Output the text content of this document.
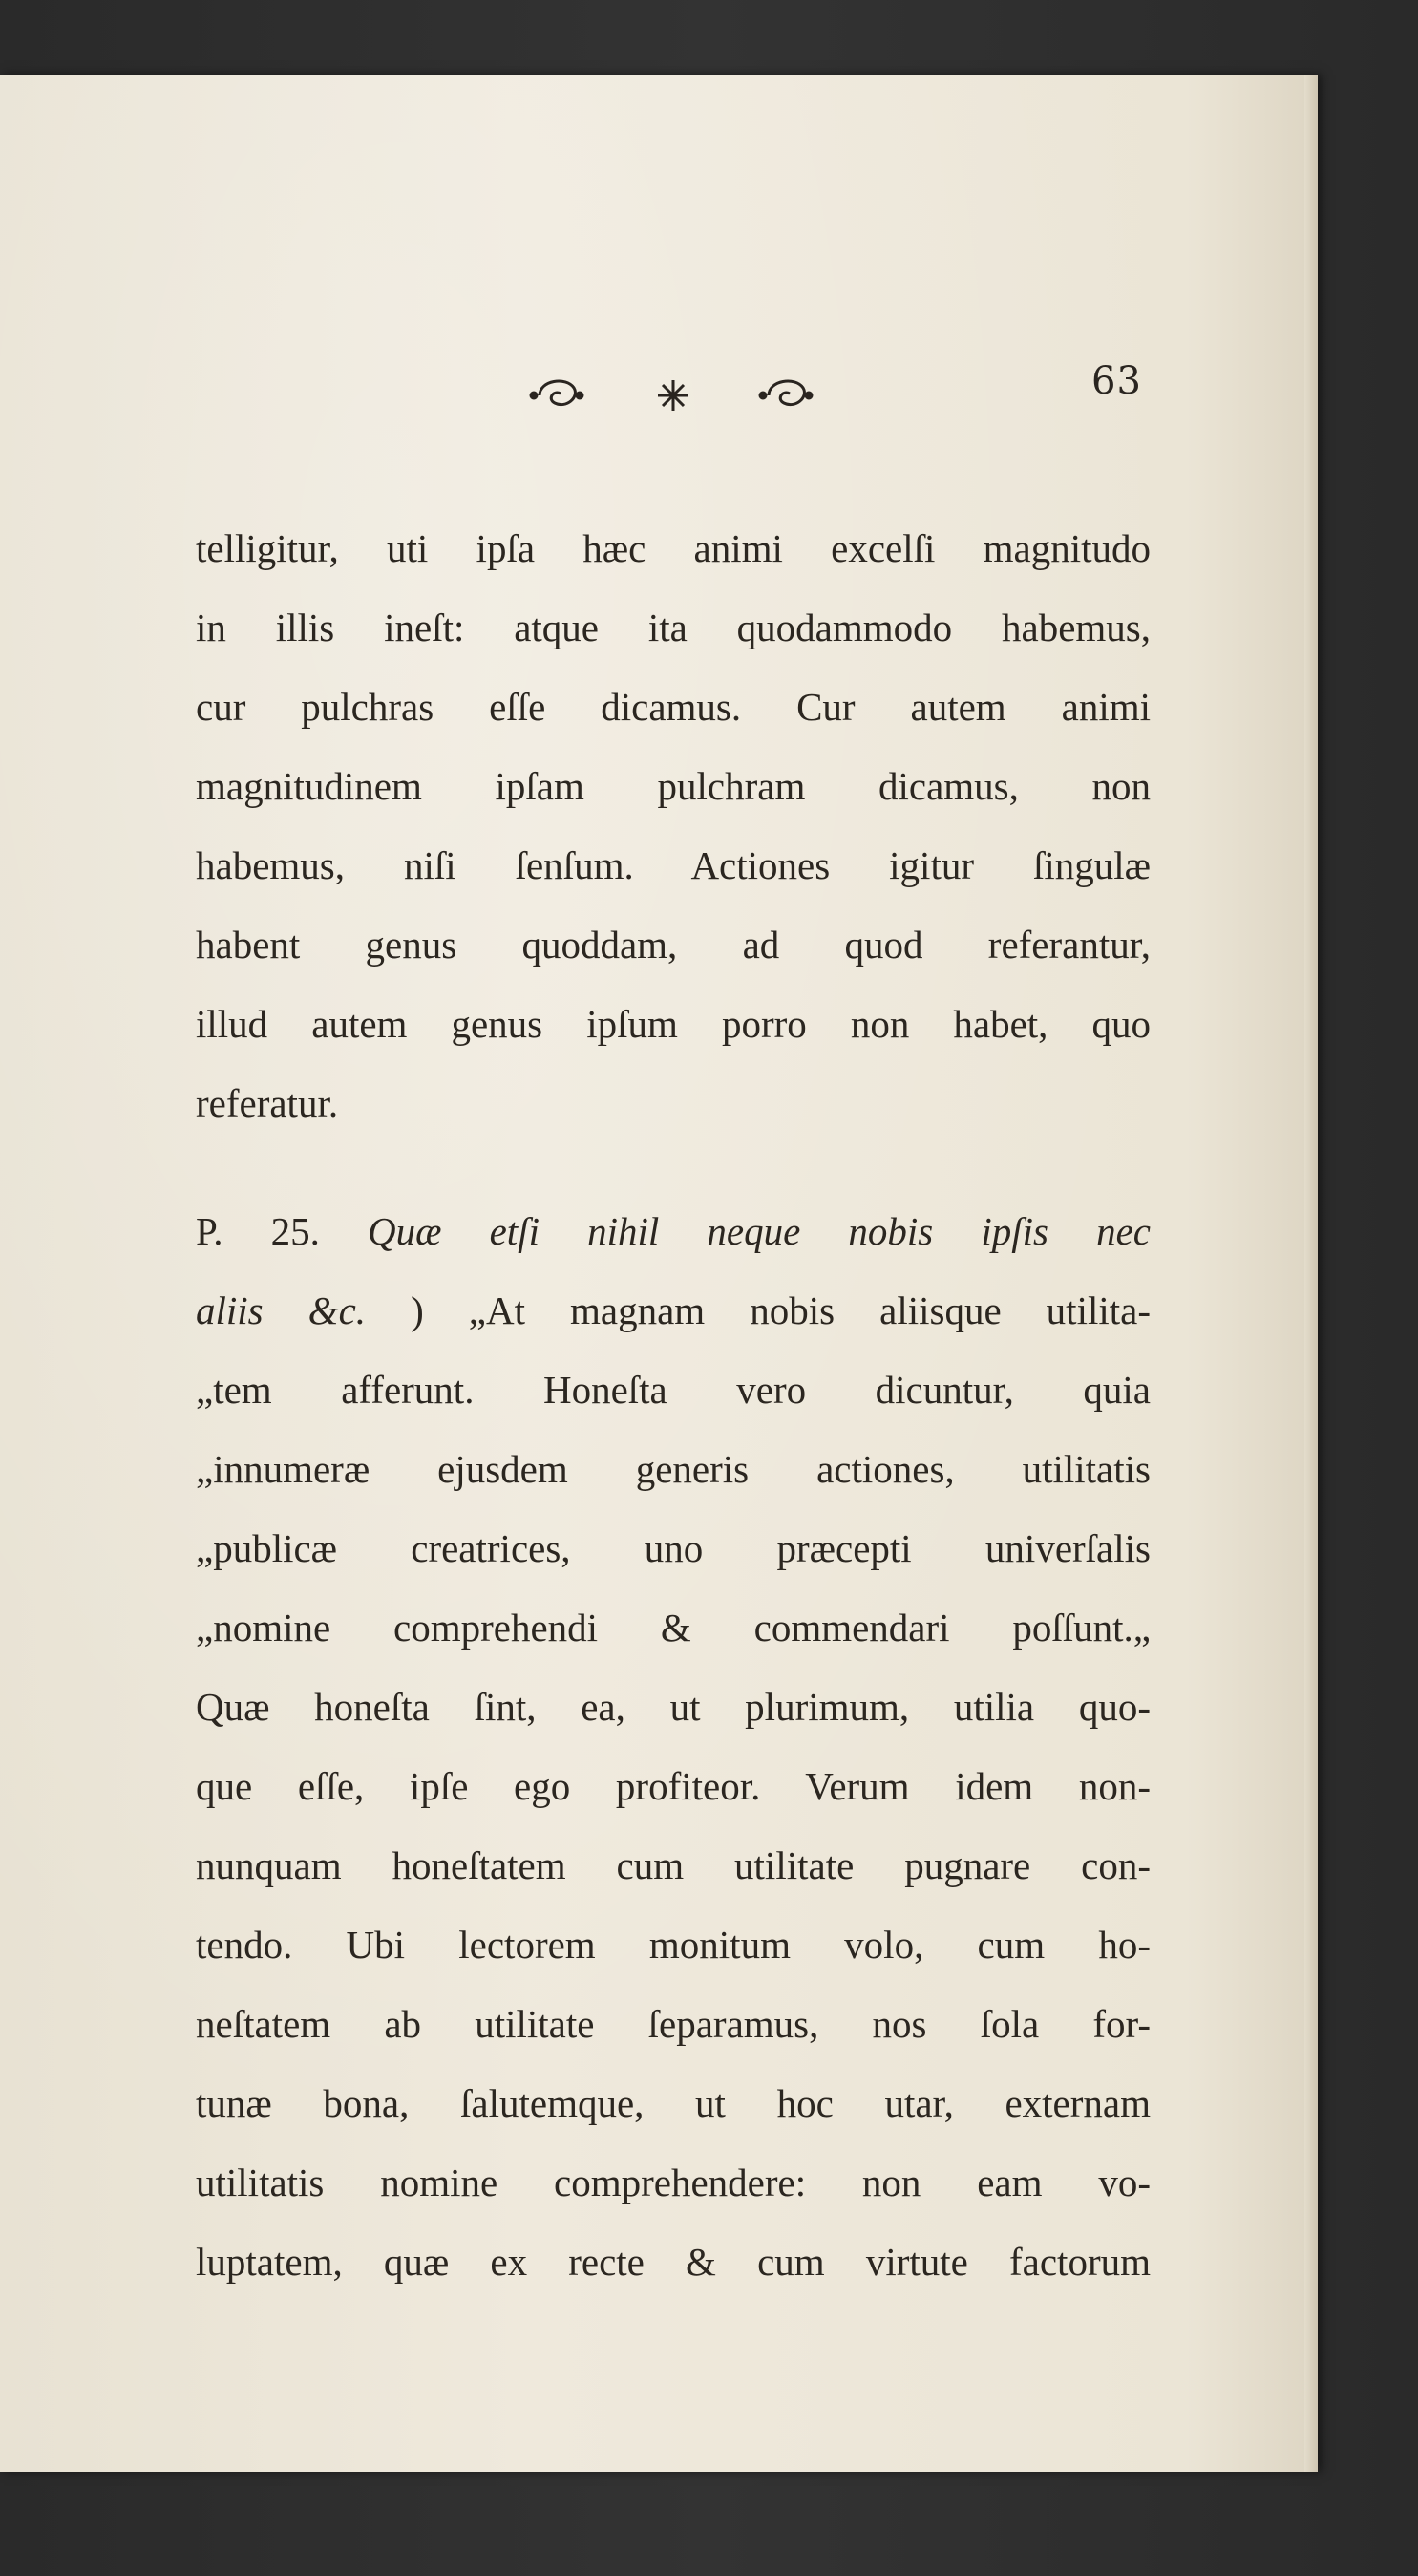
63
telligitur, uti ipſa hæc animi excelſi magnitudo
in illis ineſt: atque ita quodammodo habemus,
cur pulchras eſſe dicamus. Cur autem animi
magnitudinem ipſam pulchram dicamus, non
habemus, niſi ſenſum. Actiones igitur ſingulæ
habent genus quoddam, ad quod referantur,
illud autem genus ipſum porro non habet, quo
referatur.
P. 25. Quæ etſi nihil neque nobis ipſis nec
aliis &c. ) „At magnam nobis aliisque utilita-
„tem afferunt. Honeſta vero dicuntur, quia
„innumeræ ejusdem generis actiones, utilitatis
„publicæ creatrices, uno præcepti univerſalis
„nomine comprehendi & commendari poſſunt.„
Quæ honeſta ſint, ea, ut plurimum, utilia quo-
que eſſe, ipſe ego profiteor. Verum idem non-
nunquam honeſtatem cum utilitate pugnare con-
tendo. Ubi lectorem monitum volo, cum ho-
neſtatem ab utilitate ſeparamus, nos ſola for-
tunæ bona, ſalutemque, ut hoc utar, externam
utilitatis nomine comprehendere: non eam vo-
luptatem, quæ ex recte & cum virtute factorum
